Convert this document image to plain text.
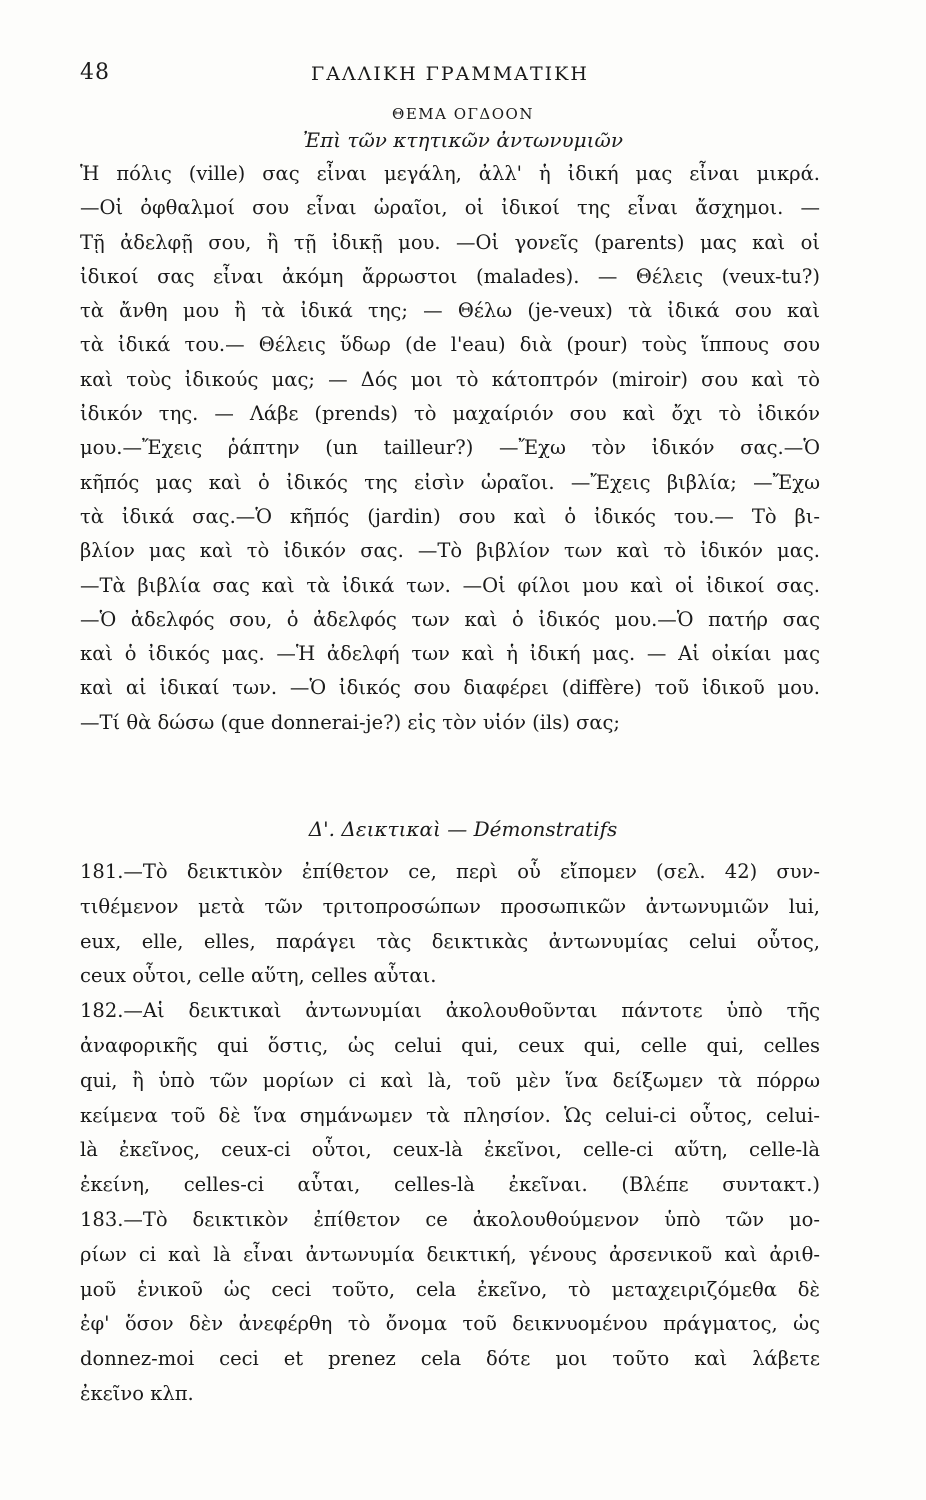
48	ΓΑΛΛΙΚΗ ΓΡΑΜΜΑΤΙΚΗ
ΘΕΜΑ ΟΓΔΟΟΝ
Ἐπὶ τῶν κτητικῶν ἀντωνυμιῶν
Ἡ πόλις (ville) σας εἶναι μεγάλη, ἀλλ' ἡ ἰδική μας εἶναι μικρά.
—Οἱ ὀφθαλμοί σου εἶναι ὡραῖοι, οἱ ἰδικοί της εἶναι ἄσχημοι. —
Τῇ ἀδελφῇ σου, ἢ τῇ ἰδικῇ μου. —Οἱ γονεῖς (parents) μας καὶ οἱ
ἰδικοί σας εἶναι ἀκόμη ἄρρωστοι (malades). — Θέλεις (veux-tu?)
τὰ ἄνθη μου ἢ τὰ ἰδικά της; — Θέλω (je-veux) τὰ ἰδικά σου καὶ
τὰ ἰδικά του.— Θέλεις ὕδωρ (de l'eau) διὰ (pour) τοὺς ἵππους σου
καὶ τοὺς ἰδικούς μας; — Δός μοι τὸ κάτοπτρόν (miroir) σου καὶ τὸ
ἰδικόν της. — Λάβε (prends) τὸ μαχαίριόν σου καὶ ὄχι τὸ ἰδικόν
μου.—Ἔχεις ῥάπτην (un tailleur?) —Ἔχω τὸν ἰδικόν σας.—Ὁ
κῆπός μας καὶ ὁ ἰδικός της εἰσὶν ὡραῖοι. —Ἔχεις βιβλία; —Ἔχω
τὰ ἰδικά σας.—Ὁ κῆπός (jardin) σου καὶ ὁ ἰδικός του.— Τὸ βι-
βλίον μας καὶ τὸ ἰδικόν σας. —Τὸ βιβλίον των καὶ τὸ ἰδικόν μας.
—Τὰ βιβλία σας καὶ τὰ ἰδικά των. —Οἱ φίλοι μου καὶ οἱ ἰδικοί σας.
—Ὁ ἀδελφός σου, ὁ ἀδελφός των καὶ ὁ ἰδικός μου.—Ὁ πατήρ σας
καὶ ὁ ἰδικός μας. —Ἡ ἀδελφή των καὶ ἡ ἰδική μας. — Αἱ οἰκίαι μας
καὶ αἱ ἰδικαί των. —Ὁ ἰδικός σου διαφέρει (diffère) τοῦ ἰδικοῦ μου.
—Τί θὰ δώσω (que donnerai-je?) εἰς τὸν υἱόν (ils) σας;
Δ'. Δεικτικαὶ — Démonstratifs
181.—Τὸ δεικτικὸν ἐπίθετον ce, περὶ οὗ εἴπομεν (σελ. 42) συν-
τιθέμενον μετὰ τῶν τριτοπροσώπων προσωπικῶν ἀντωνυμιῶν lui,
eux, elle, elles, παράγει τὰς δεικτικὰς ἀντωνυμίας celui οὗτος,
ceux οὗτοι, celle αὕτη, celles αὗται.
182.—Αἱ δεικτικαὶ ἀντωνυμίαι ἀκολουθοῦνται πάντοτε ὑπὸ τῆς
ἀναφορικῆς qui ὅστις, ὡς celui qui, ceux qui, celle qui, celles
qui, ἢ ὑπὸ τῶν μορίων ci καὶ là, τοῦ μὲν ἵνα δείξωμεν τὰ πόρρω
κείμενα τοῦ δὲ ἵνα σημάνωμεν τὰ πλησίον. Ὡς celui-ci οὗτος, celui-
là ἐκεῖνος, ceux-ci οὗτοι, ceux-là ἐκεῖνοι, celle-ci αὕτη, celle-là
ἐκείνη, celles-ci αὗται, celles-là ἐκεῖναι. (Βλέπε συντακτ.)
183.—Τὸ δεικτικὸν ἐπίθετον ce ἀκολουθούμενον ὑπὸ τῶν μο-
ρίων ci καὶ là εἶναι ἀντωνυμία δεικτική, γένους ἀρσενικοῦ καὶ ἀριθ-
μοῦ ἑνικοῦ ὡς ceci τοῦτο, cela ἐκεῖνο, τὸ μεταχειριζόμεθα δὲ
ἐφ' ὅσον δὲν ἀνεφέρθη τὸ ὄνομα τοῦ δεικνυομένου πράγματος, ὡς
donnez-moi ceci et prenez cela δότε μοι τοῦτο καὶ λάβετε
ἐκεῖνο κλπ.
